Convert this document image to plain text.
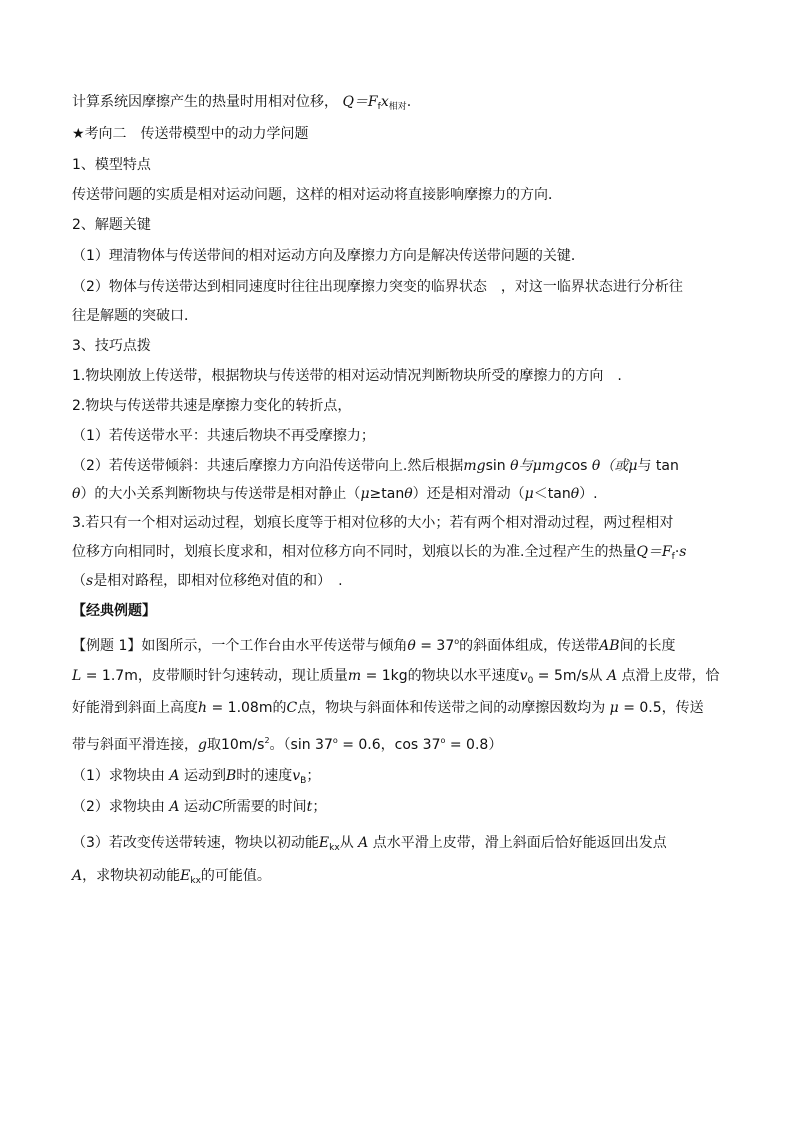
计算系统因摩擦产生的热量时用相对位移， $Q=F_fx_{相对}$.
★考向二　传送带模型中的动力学问题
1、模型特点
传送带问题的实质是相对运动问题，这样的相对运动将直接影响摩擦力的方向．
2、解题关键
（1）理清物体与传送带间的相对运动方向及摩擦力方向是解决传送带问题的关键．
（2）物体与传送带达到相同速度时往往出现摩擦力突变的临界状态　，对这一临界状态进行分析往
往是解题的突破口．
3、技巧点拨
1.物块刚放上传送带，根据物块与传送带的相对运动情况判断物块所受的摩擦力的方向　.
2.物块与传送带共速是摩擦力变化的转折点，
（1）若传送带水平：共速后物块不再受摩擦力；
（2）若传送带倾斜：共速后摩擦力方向沿传送带向上.然后根据mgsin θ与μmgcos θ（或μ与 tan
θ）的大小关系判断物块与传送带是相对静止（μ≥tanθ）还是相对滑动（μ＜tanθ）.
3.若只有一个相对运动过程，划痕长度等于相对位移的大小；若有两个相对滑动过程，两过程相对
位移方向相同时，划痕长度求和，相对位移方向不同时，划痕以长的为准.全过程产生的热量$Q=F_f\cdot s$
（s是相对路程，即相对位移绝对值的和）　.
【经典例题】
【例题 1】如图所示，一个工作台由水平传送带与倾角$\theta = 37^o$的斜面体组成，传送带AB间的长度
L = 1.7m，皮带顺时针匀速转动，现让质量m = 1kg的物块以水平速度$v_0 = 5m/s$从 A 点滑上皮带，恰
好能滑到斜面上高度h = 1.08m的C点，物块与斜面体和传送带之间的动摩擦因数均为 μ = 0.5，传送
带与斜面平滑连接，g取$10m/s^2$。（sin $37^o = 0.6$，$\cos 37^o = 0.8$）
（1）求物块由 A 运动到B时的速度$v_B$；
（2）求物块由 A 运动C所需要的时间t；
（3）若改变传送带转速，物块以初动能$E_{kx}$从 A 点水平滑上皮带，滑上斜面后恰好能返回出发点
A，求物块初动能$E_{kx}$的可能值。
